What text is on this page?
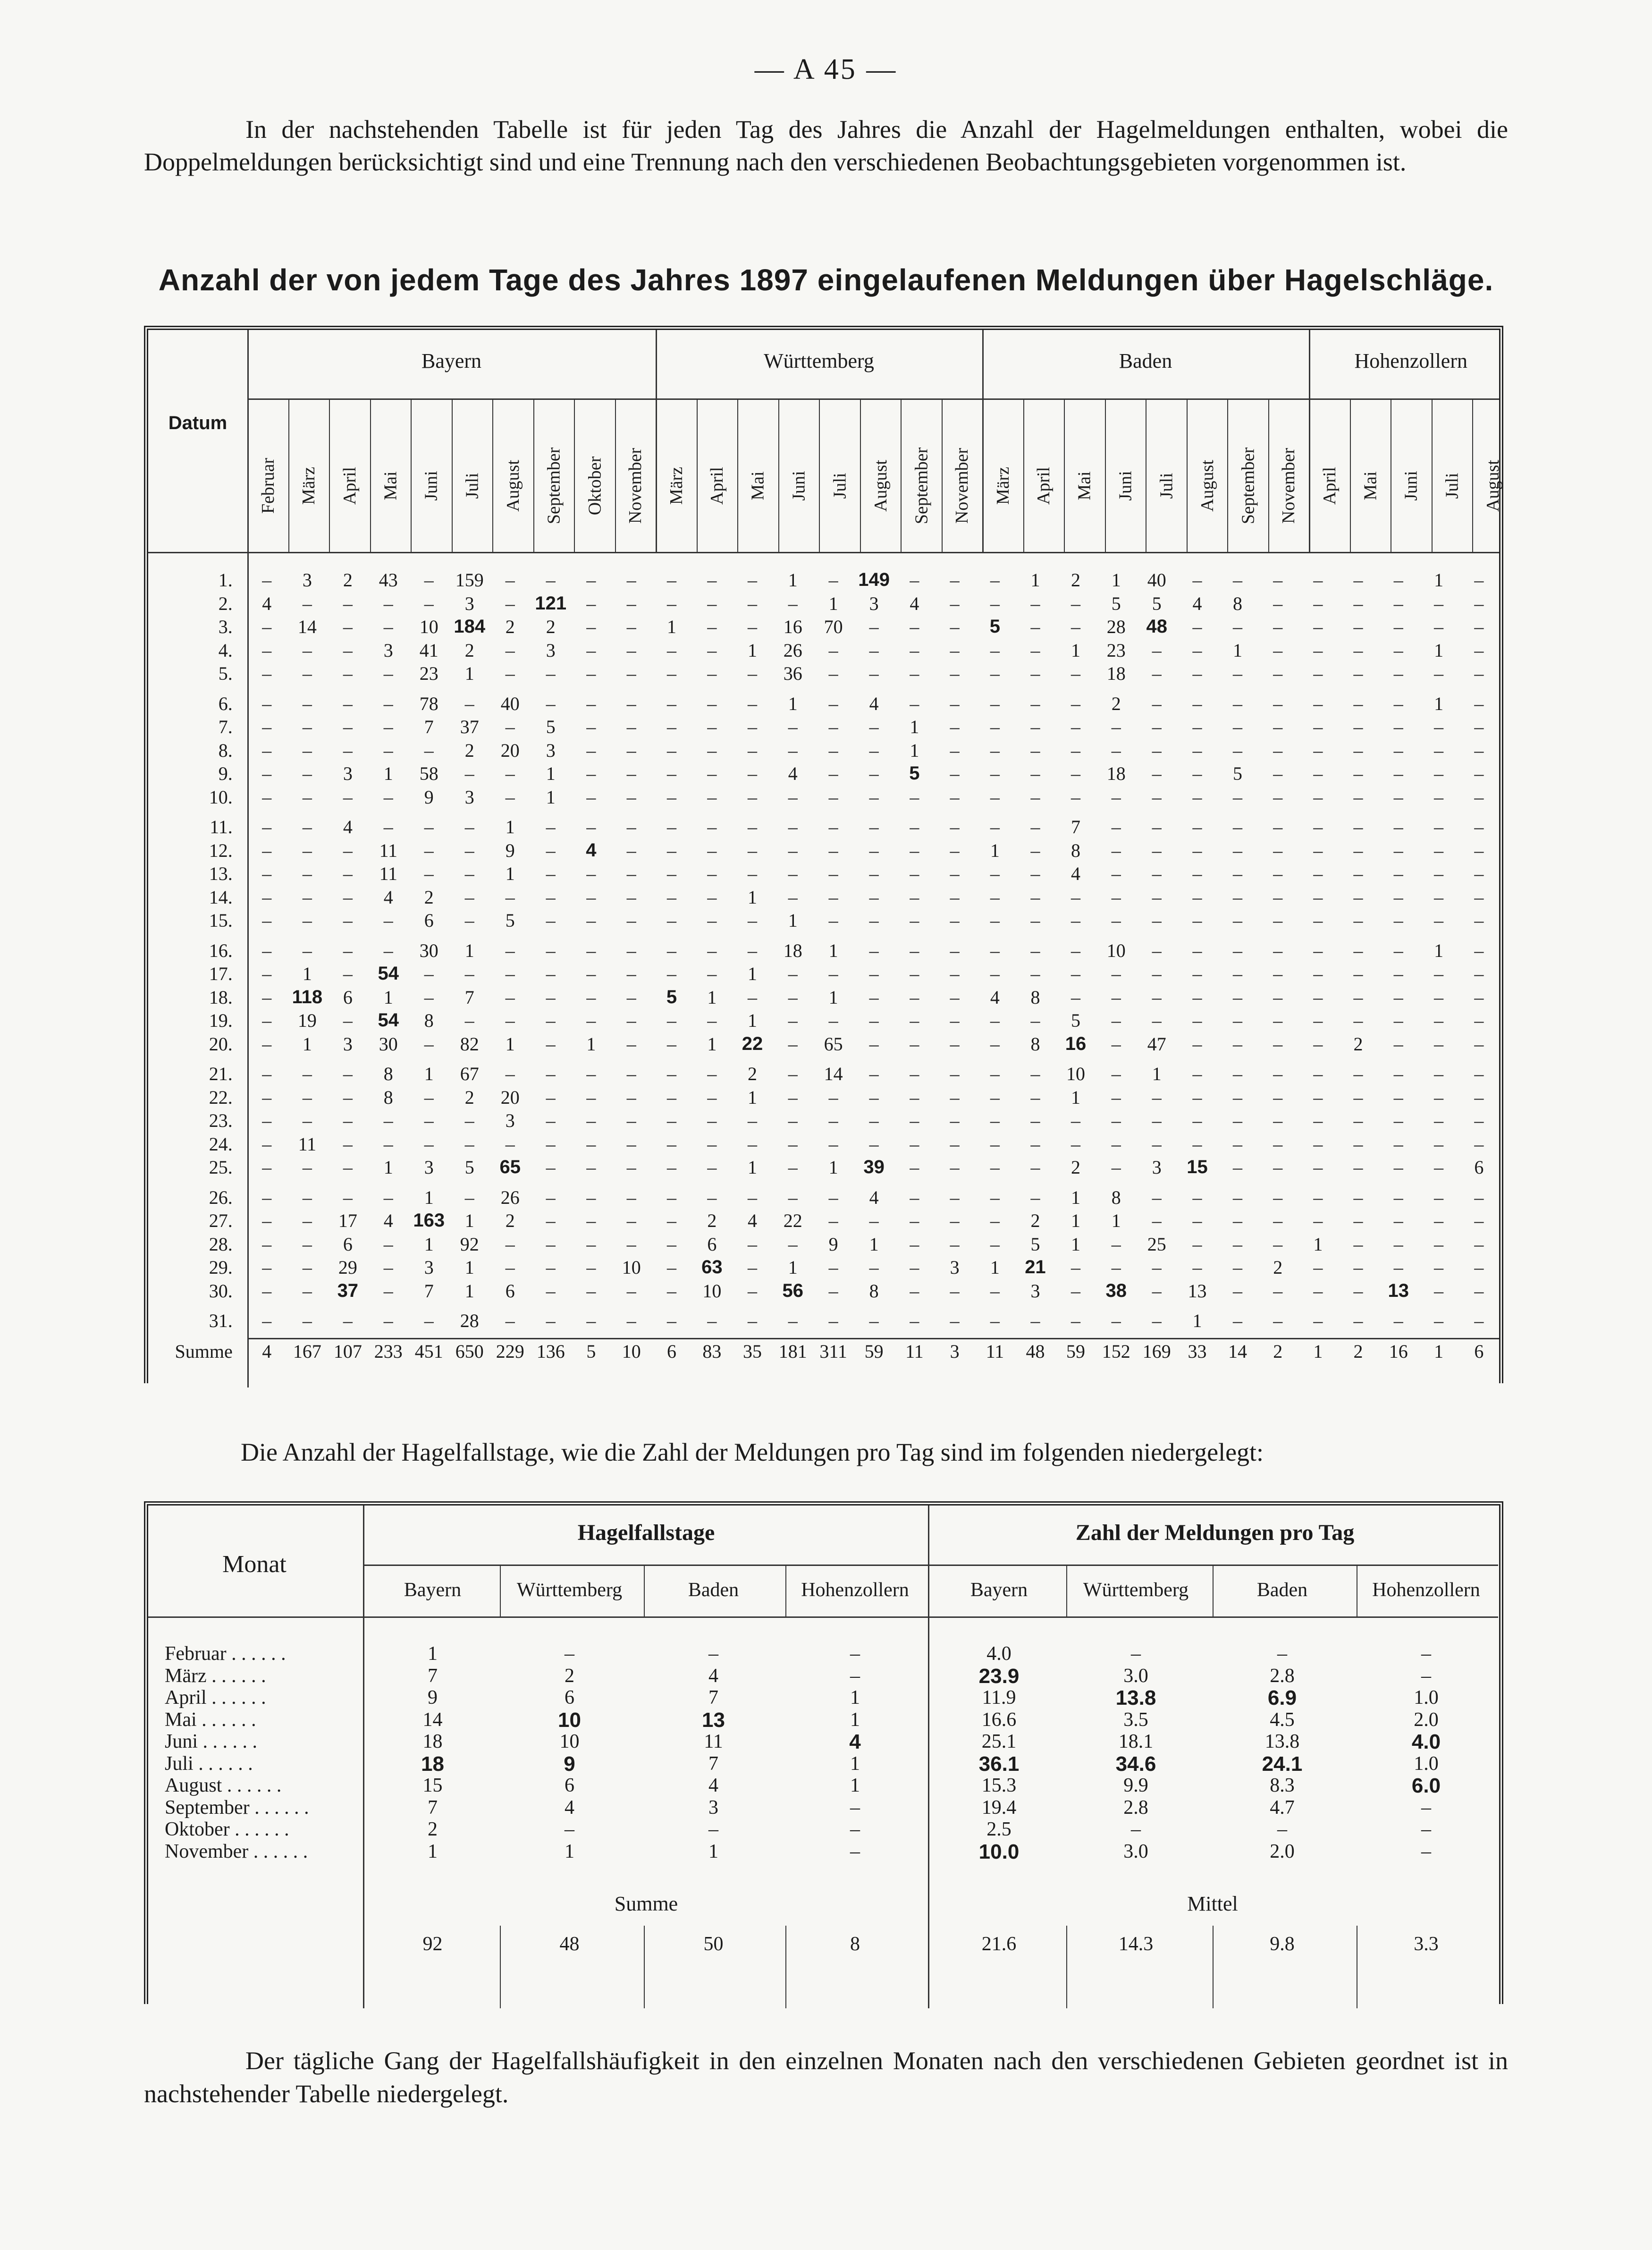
— A 45 —

In der nachstehenden Tabelle ist für jeden Tag des Jahres die Anzahl der Hagelmeldungen enthalten, wobei die Doppelmeldungen berücksichtigt sind und eine Trennung nach den verschiedenen Beobachtungsgebieten vorgenommen ist.

Anzahl der von jedem Tage des Jahres 1897 eingelaufenen Meldungen über Hagelschläge.
Datum
Bayern
Februar März April Mai Juni Juli August September Oktober November
Württemberg
März April Mai Juni Juli August September November
Baden
März April Mai Juni Juli August September November
Hohenzollern
April Mai Juni Juli August
1.	–	3	2	43	–	159	–	–	–	–	–	–	–	1	–	149	–	–	–	1	2	1	40	–	–	–	–	–	–	1	–
2.	4	–	–	–	–	3	–	121	–	–	–	–	–	–	1	3	4	–	–	–	–	5	5	4	8	–	–	–	–	–	–
3.	–	14	–	–	10	184	2	2	–	–	1	–	–	16	70	–	–	–	5	–	–	28	48	–	–	–	–	–	–	–	–
4.	–	–	–	3	41	2	–	3	–	–	–	–	1	26	–	–	–	–	–	–	1	23	–	–	1	–	–	–	–	1	–
5.	–	–	–	–	23	1	–	–	–	–	–	–	–	36	–	–	–	–	–	–	–	18	–	–	–	–	–	–	–	–	–

6.	–	–	–	–	78	–	40	–	–	–	–	–	–	1	–	4	–	–	–	–	–	2	–	–	–	–	–	–	–	1	–
7.	–	–	–	–	7	37	–	5	–	–	–	–	–	–	–	–	1	–	–	–	–	–	–	–	–	–	–	–	–	–	–
8.	–	–	–	–	–	2	20	3	–	–	–	–	–	–	–	–	1	–	–	–	–	–	–	–	–	–	–	–	–	–	–
9.	–	–	3	1	58	–	–	1	–	–	–	–	–	4	–	–	5	–	–	–	–	18	–	–	5	–	–	–	–	–	–
10.	–	–	–	–	9	3	–	1	–	–	–	–	–	–	–	–	–	–	–	–	–	–	–	–	–	–	–	–	–	–	–

11.	–	–	4	–	–	–	1	–	–	–	–	–	–	–	–	–	–	–	–	–	7	–	–	–	–	–	–	–	–	–	–
12.	–	–	–	11	–	–	9	–	4	–	–	–	–	–	–	–	–	–	1	–	8	–	–	–	–	–	–	–	–	–	–
13.	–	–	–	11	–	–	1	–	–	–	–	–	–	–	–	–	–	–	–	–	4	–	–	–	–	–	–	–	–	–	–
14.	–	–	–	4	2	–	–	–	–	–	–	–	1	–	–	–	–	–	–	–	–	–	–	–	–	–	–	–	–	–	–
15.	–	–	–	–	6	–	5	–	–	–	–	–	–	1	–	–	–	–	–	–	–	–	–	–	–	–	–	–	–	–	–

16.	–	–	–	–	30	1	–	–	–	–	–	–	–	18	1	–	–	–	–	–	–	10	–	–	–	–	–	–	–	1	–
17.	–	1	–	54	–	–	–	–	–	–	–	–	1	–	–	–	–	–	–	–	–	–	–	–	–	–	–	–	–	–	–
18.	–	118	6	1	–	7	–	–	–	–	5	1	–	–	1	–	–	–	4	8	–	–	–	–	–	–	–	–	–	–	–
19.	–	19	–	54	8	–	–	–	–	–	–	–	1	–	–	–	–	–	–	–	5	–	–	–	–	–	–	–	–	–	–
20.	–	1	3	30	–	82	1	–	1	–	–	1	22	–	65	–	–	–	–	8	16	–	47	–	–	–	–	2	–	–	–

21.	–	–	–	8	1	67	–	–	–	–	–	–	2	–	14	–	–	–	–	–	10	–	1	–	–	–	–	–	–	–	–
22.	–	–	–	8	–	2	20	–	–	–	–	–	1	–	–	–	–	–	–	–	1	–	–	–	–	–	–	–	–	–	–
23.	–	–	–	–	–	–	3	–	–	–	–	–	–	–	–	–	–	–	–	–	–	–	–	–	–	–	–	–	–	–	–
24.	–	11	–	–	–	–	–	–	–	–	–	–	–	–	–	–	–	–	–	–	–	–	–	–	–	–	–	–	–	–	–
25.	–	–	–	1	3	5	65	–	–	–	–	–	1	–	1	39	–	–	–	–	2	–	3	15	–	–	–	–	–	–	6

26.	–	–	–	–	1	–	26	–	–	–	–	–	–	–	–	4	–	–	–	–	1	8	–	–	–	–	–	–	–	–	–
27.	–	–	17	4	163	1	2	–	–	–	–	2	4	22	–	–	–	–	–	2	1	1	–	–	–	–	–	–	–	–	–
28.	–	–	6	–	1	92	–	–	–	–	–	6	–	–	9	1	–	–	–	5	1	–	25	–	–	–	1	–	–	–	–
29.	–	–	29	–	3	1	–	–	–	10	–	63	–	1	–	–	–	3	1	21	–	–	–	–	–	2	–	–	–	–	–
30.	–	–	37	–	7	1	6	–	–	–	–	10	–	56	–	8	–	–	–	3	–	38	–	13	–	–	–	–	13	–	–

31.	–	–	–	–	–	28	–	–	–	–	–	–	–	–	–	–	–	–	–	–	–	–	–	1	–	–	–	–	–	–	–
Summe	4	167	107	233	451	650	229	136	5	10	6	83	35	181	311	59	11	3	11	48	59	152	169	33	14	2	1	2	16	1	6
Die Anzahl der Hagelfallstage, wie die Zahl der Meldungen pro Tag sind im folgenden niedergelegt:
Monat
Hagelfallstage	Zahl der Meldungen pro Tag
Bayern	Württemberg	Baden	Hohenzollern	Bayern	Württemberg	Baden	Hohenzollern
Februar . . .	1	–	–	–	4.0	–	–	–
März . . .	7	2	4	–	23.9	3.0	2.8	–
April . . .	9	6	7	1	11.9	13.8	6.9	1.0
Mai . . .	14	10	13	1	16.6	3.5	4.5	2.0
Juni . . .	18	10	11	4	25.1	18.1	13.8	4.0
Juli . . .	18	9	7	1	36.1	34.6	24.1	1.0
August . . .	15	6	4	1	15.3	9.9	8.3	6.0
September . . .	7	4	3	–	19.4	2.8	4.7	–
Oktober . . .	2	–	–	–	2.5	–	–	–
November . . .	1	1	1	–	10.0	3.0	2.0	–
Summe	Mittel
92	48	50	8	21.6	14.3	9.8	3.3

Der tägliche Gang der Hagelfallshäufigkeit in den einzelnen Monaten nach den verschiedenen Gebieten geordnet ist in nachstehender Tabelle niedergelegt.
